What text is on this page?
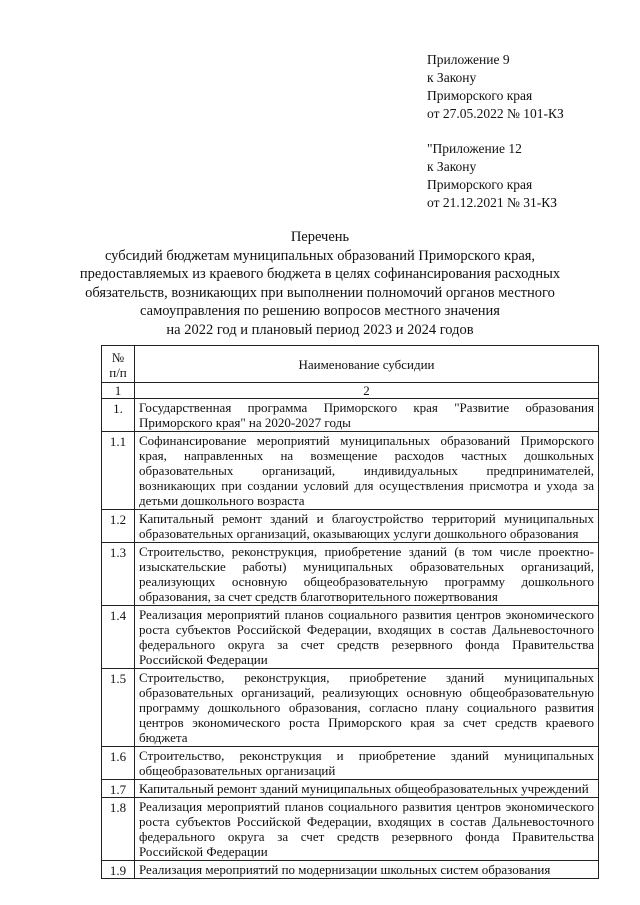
Приложение 9
к Закону
Приморского края
от 27.05.2022 № 101-КЗ
"Приложение 12
к Закону
Приморского края
от 21.12.2021 № 31-КЗ
Перечень
субсидий бюджетам муниципальных образований Приморского края,
предоставляемых из краевого бюджета в целях софинансирования расходных
обязательств, возникающих при выполнении полномочий органов местного
самоуправления по решению вопросов местного значения
на 2022 год и плановый период 2023 и 2024 годов
№
п/п	Наименование субсидии
1	2
1.	Государственная программа Приморского края "Развитие образования Приморского края" на 2020-2027 годы
1.1	Софинансирование мероприятий муниципальных образований Приморского края, направленных на возмещение расходов частных дошкольных образовательных организаций, индивидуальных предпринимателей, возникающих при создании условий для осуществления присмотра и ухода за детьми дошкольного возраста
1.2	Капитальный ремонт зданий и благоустройство территорий муниципальных образовательных организаций, оказывающих услуги дошкольного образования
1.3	Строительство, реконструкция, приобретение зданий (в том числе проектно-изыскательские работы) муниципальных образовательных организаций, реализующих основную общеобразовательную программу дошкольного образования, за счет средств благотворительного пожертвования
1.4	Реализация мероприятий планов социального развития центров экономического роста субъектов Российской Федерации, входящих в состав Дальневосточного федерального округа за счет средств резервного фонда Правительства Российской Федерации
1.5	Строительство, реконструкция, приобретение зданий муниципальных образовательных организаций, реализующих основную общеобразовательную программу дошкольного образования, согласно плану социального развития центров экономического роста Приморского края за счет средств краевого бюджета
1.6	Строительство, реконструкция и приобретение зданий муниципальных общеобразовательных организаций
1.7	Капитальный ремонт зданий муниципальных общеобразовательных учреждений
1.8	Реализация мероприятий планов социального развития центров экономического роста субъектов Российской Федерации, входящих в состав Дальневосточного федерального округа за счет средств резервного фонда Правительства Российской Федерации
1.9	Реализация мероприятий по модернизации школьных систем образования
